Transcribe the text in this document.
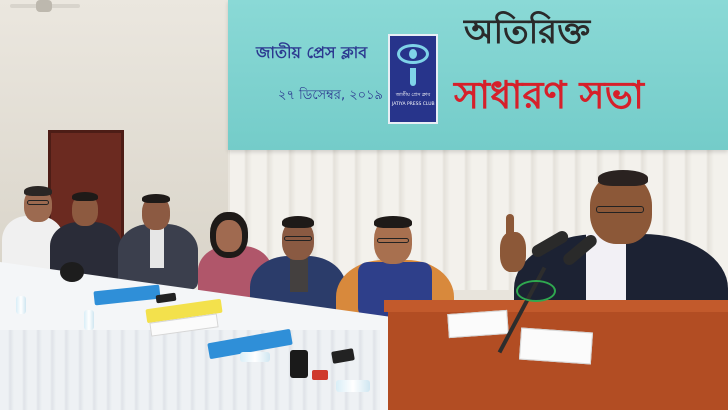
জাতীয় প্রেস ক্লাব
২৭ ডিসেম্বর, ২০১৯	জাতীয় প্রেস ক্লাব
JATIYA PRESS CLUB
অতিরিক্ত
সাধারণ সভা
